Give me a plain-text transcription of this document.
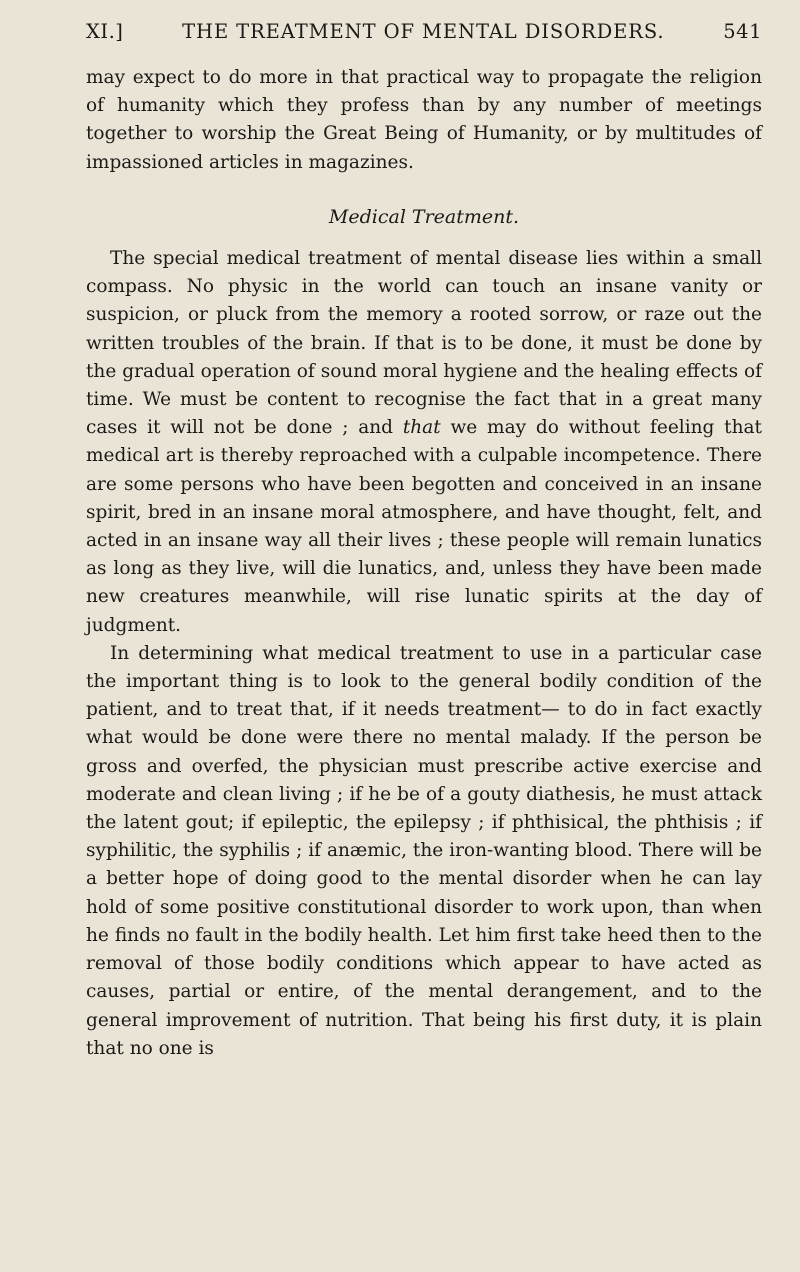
XI.]	THE TREATMENT OF MENTAL DISORDERS.	541

may expect to do more in that practical way to propagate the religion of humanity which they profess than by any number of meetings together to worship the Great Being of Humanity, or by multitudes of impassioned articles in magazines.

Medical Treatment.

The special medical treatment of mental disease lies within a small compass. No physic in the world can touch an insane vanity or suspicion, or pluck from the memory a rooted sorrow, or raze out the written troubles of the brain. If that is to be done, it must be done by the gradual operation of sound moral hygiene and the healing effects of time. We must be content to recognise the fact that in a great many cases it will not be done ; and that we may do without feeling that medical art is thereby reproached with a culpable incompetence. There are some persons who have been begotten and conceived in an insane spirit, bred in an insane moral atmosphere, and have thought, felt, and acted in an insane way all their lives ; these people will remain lunatics as long as they live, will die lunatics, and, unless they have been made new creatures meanwhile, will rise lunatic spirits at the day of judgment.

In determining what medical treatment to use in a particular case the important thing is to look to the general bodily condition of the patient, and to treat that, if it needs treatment— to do in fact exactly what would be done were there no mental malady. If the person be gross and overfed, the physician must prescribe active exercise and moderate and clean living ; if he be of a gouty diathesis, he must attack the latent gout; if epileptic, the epilepsy ; if phthisical, the phthisis ; if syphilitic, the syphilis ; if anæmic, the iron-wanting blood. There will be a better hope of doing good to the mental disorder when he can lay hold of some positive constitutional disorder to work upon, than when he finds no fault in the bodily health. Let him first take heed then to the removal of those bodily conditions which appear to have acted as causes, partial or entire, of the mental derangement, and to the general improvement of nutrition. That being his first duty, it is plain that no one is
